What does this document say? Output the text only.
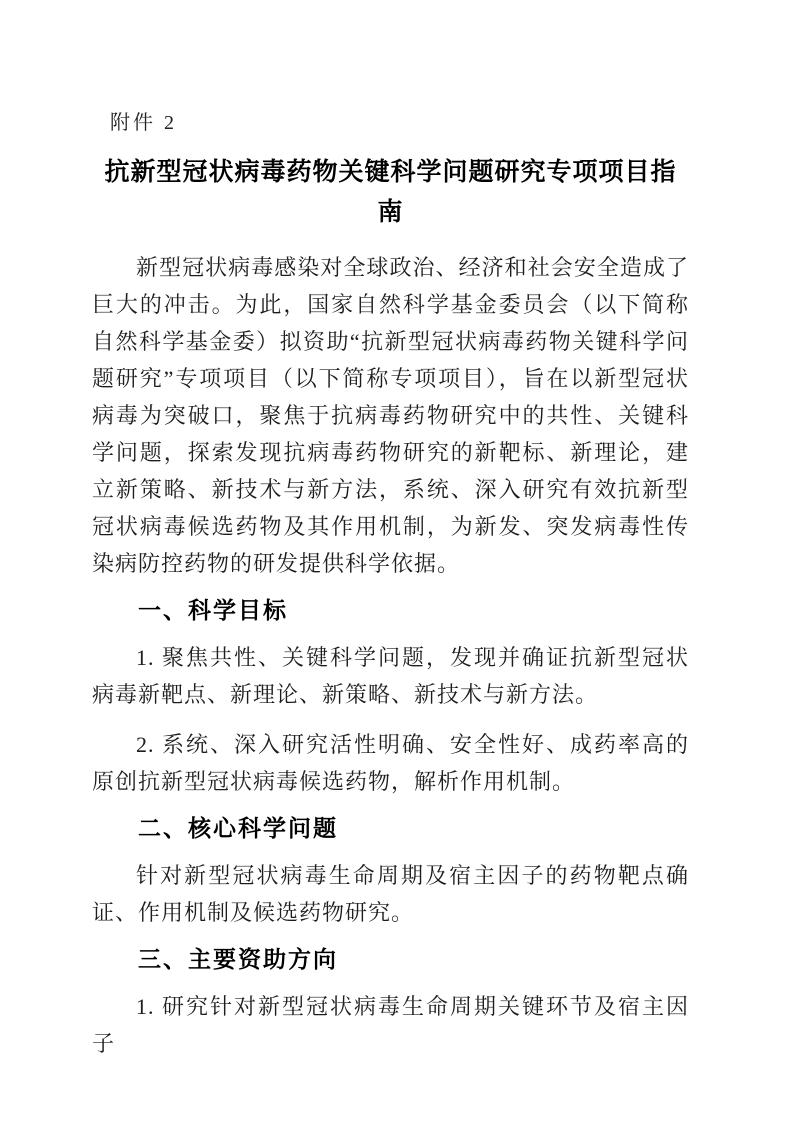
附件 2
抗新型冠状病毒药物关键科学问题研究专项项目指
南

新型冠状病毒感染对全球政治、经济和社会安全造成了巨大的冲击。为此，国家自然科学基金委员会（以下简称自然科学基金委）拟资助“抗新型冠状病毒药物关键科学问题研究”专项项目（以下简称专项项目），旨在以新型冠状病毒为突破口，聚焦于抗病毒药物研究中的共性、关键科学问题，探索发现抗病毒药物研究的新靶标、新理论，建立新策略、新技术与新方法，系统、深入研究有效抗新型冠状病毒候选药物及其作用机制，为新发、突发病毒性传染病防控药物的研发提供科学依据。

一、科学目标

1. 聚焦共性、关键科学问题，发现并确证抗新型冠状病毒新靶点、新理论、新策略、新技术与新方法。

2. 系统、深入研究活性明确、安全性好、成药率高的原创抗新型冠状病毒候选药物，解析作用机制。

二、核心科学问题

针对新型冠状病毒生命周期及宿主因子的药物靶点确证、作用机制及候选药物研究。

三、主要资助方向

1. 研究针对新型冠状病毒生命周期关键环节及宿主因子
